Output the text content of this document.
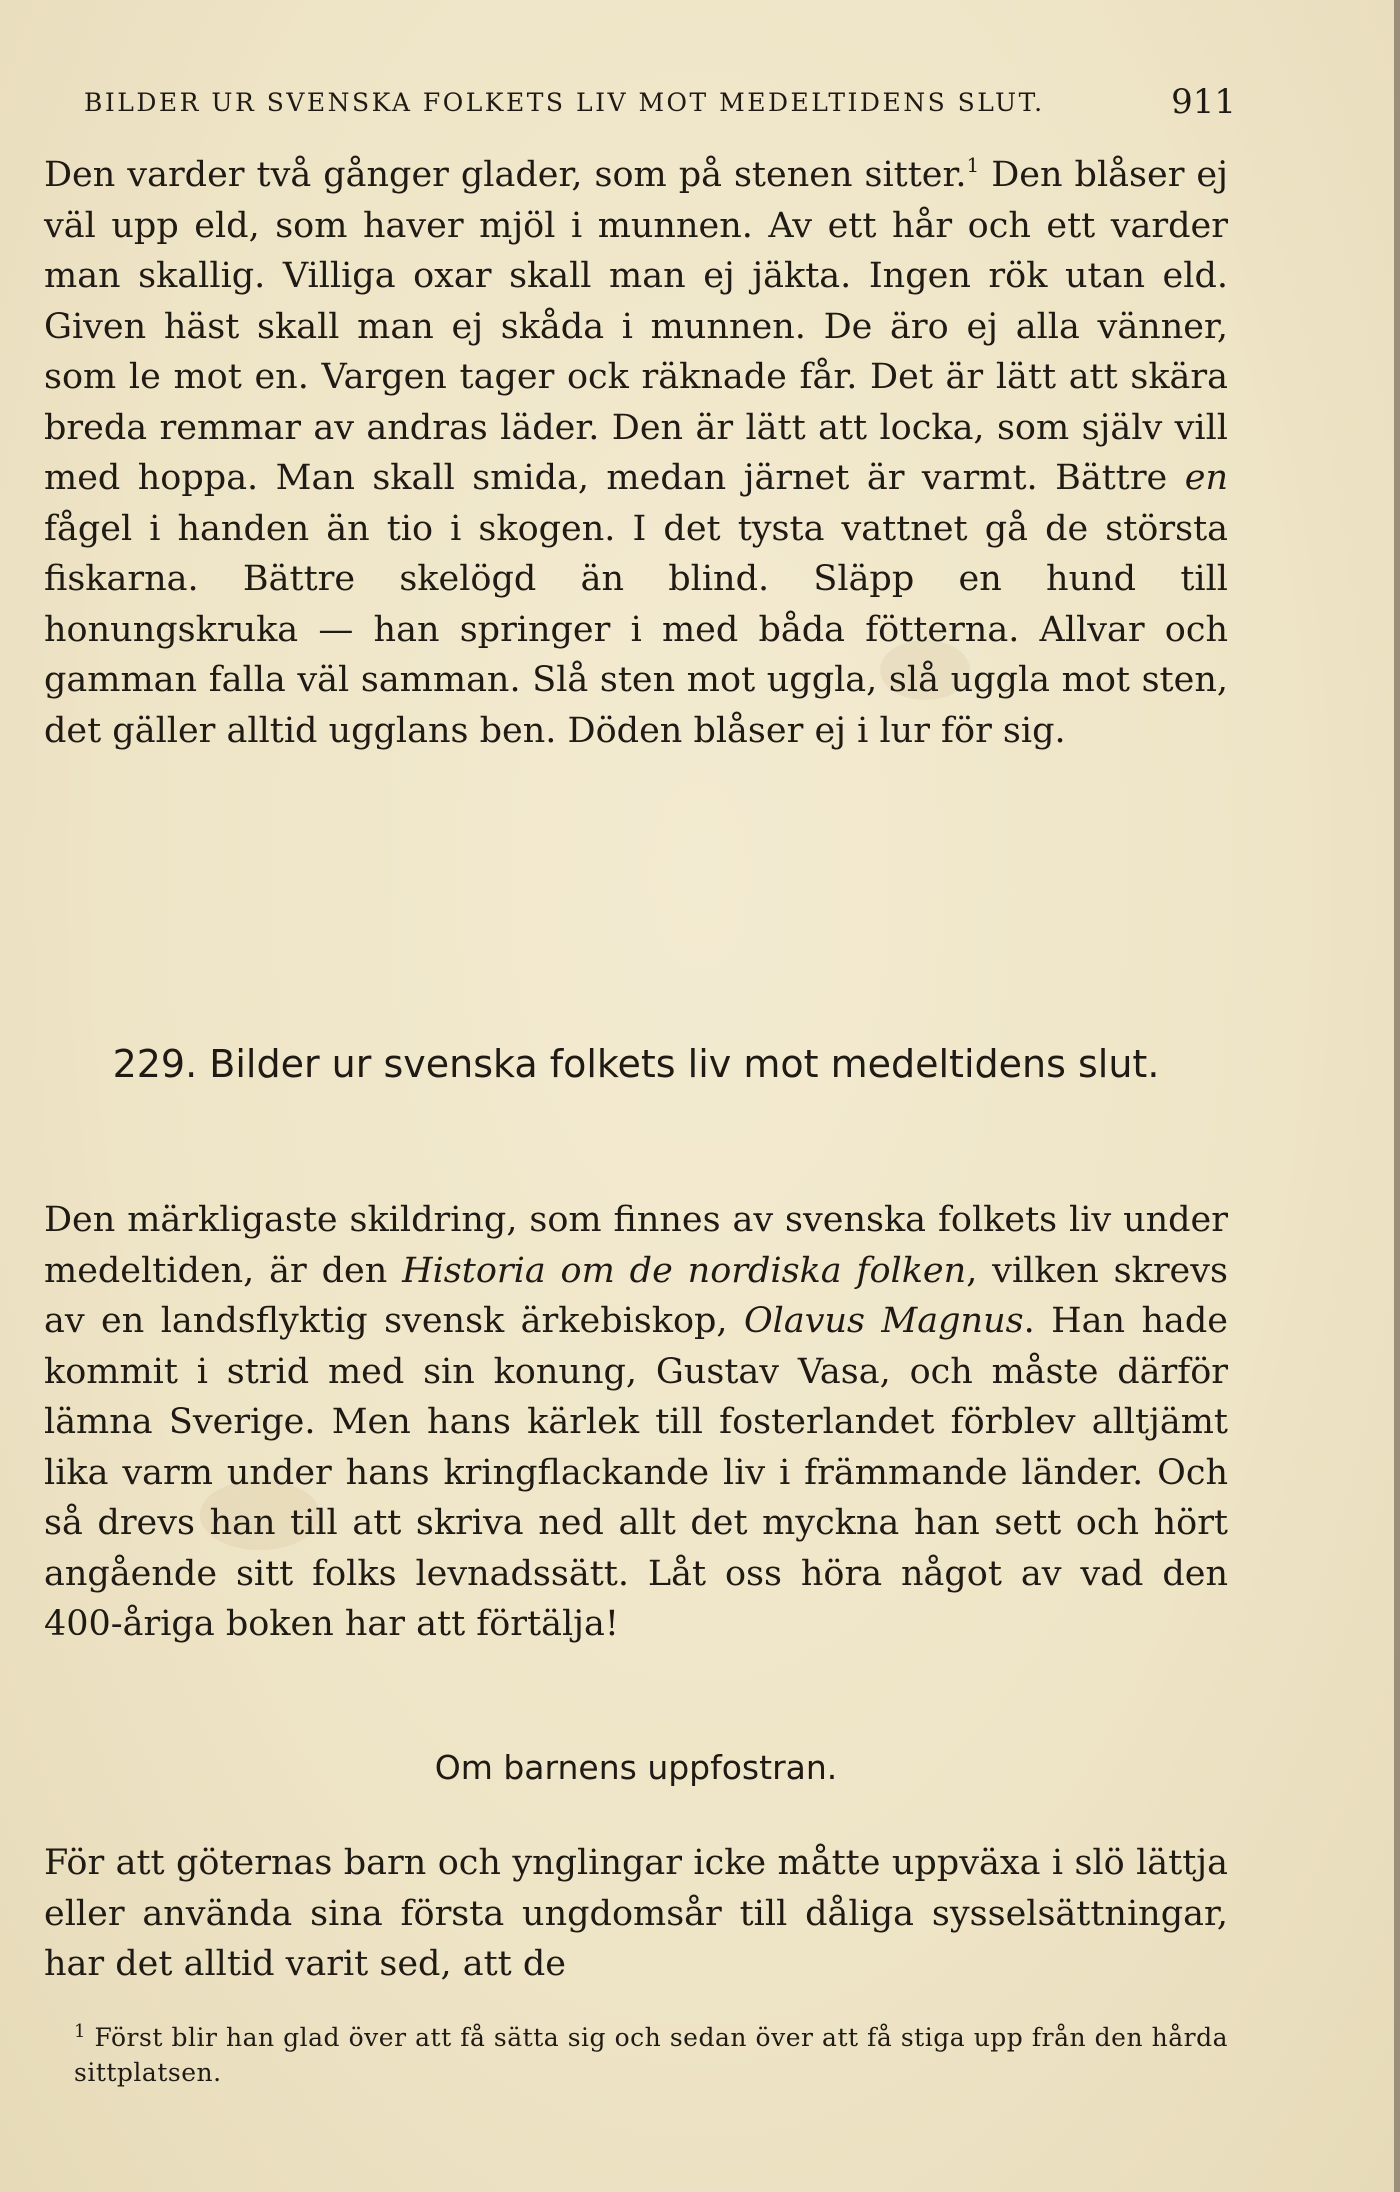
BILDER UR SVENSKA FOLKETS LIV MOT MEDELTIDENS SLUT.	911

Den varder två gånger glader, som på stenen sitter.$^1$ Den blåser ej väl upp eld, som haver mjöl i munnen. Av ett hår och ett varder man skallig. Villiga oxar skall man ej jäkta. Ingen rök utan eld. Given häst skall man ej skåda i munnen. De äro ej alla vänner, som le mot en. Vargen tager ock räknade får. Det är lätt att skära breda remmar av andras läder. Den är lätt att locka, som själv vill med hoppa. Man skall smida, medan järnet är varmt. Bättre en fågel i handen än tio i skogen. I det tysta vattnet gå de största fiskarna. Bättre skelögd än blind. Släpp en hund till honungskruka — han springer i med båda fötterna. Allvar och gamman falla väl samman. Slå sten mot uggla, slå uggla mot sten, det gäller alltid ugglans ben. Döden blåser ej i lur för sig.

229. Bilder ur svenska folkets liv mot medeltidens slut.

Den märkligaste skildring, som finnes av svenska folkets liv under medeltiden, är den Historia om de nordiska folken, vilken skrevs av en landsflyktig svensk ärkebiskop, Olavus Magnus. Han hade kommit i strid med sin konung, Gustav Vasa, och måste därför lämna Sverige. Men hans kärlek till fosterlandet förblev alltjämt lika varm under hans kringflackande liv i främmande länder. Och så drevs han till att skriva ned allt det myckna han sett och hört angående sitt folks levnadssätt. Låt oss höra något av vad den 400-åriga boken har att förtälja!

Om barnens uppfostran.

För att göternas barn och ynglingar icke måtte uppväxa i slö lättja eller använda sina första ungdomsår till dåliga sysselsättningar, har det alltid varit sed, att de

$^1$ Först blir han glad över att få sätta sig och sedan över att få stiga upp från den hårda sittplatsen.
